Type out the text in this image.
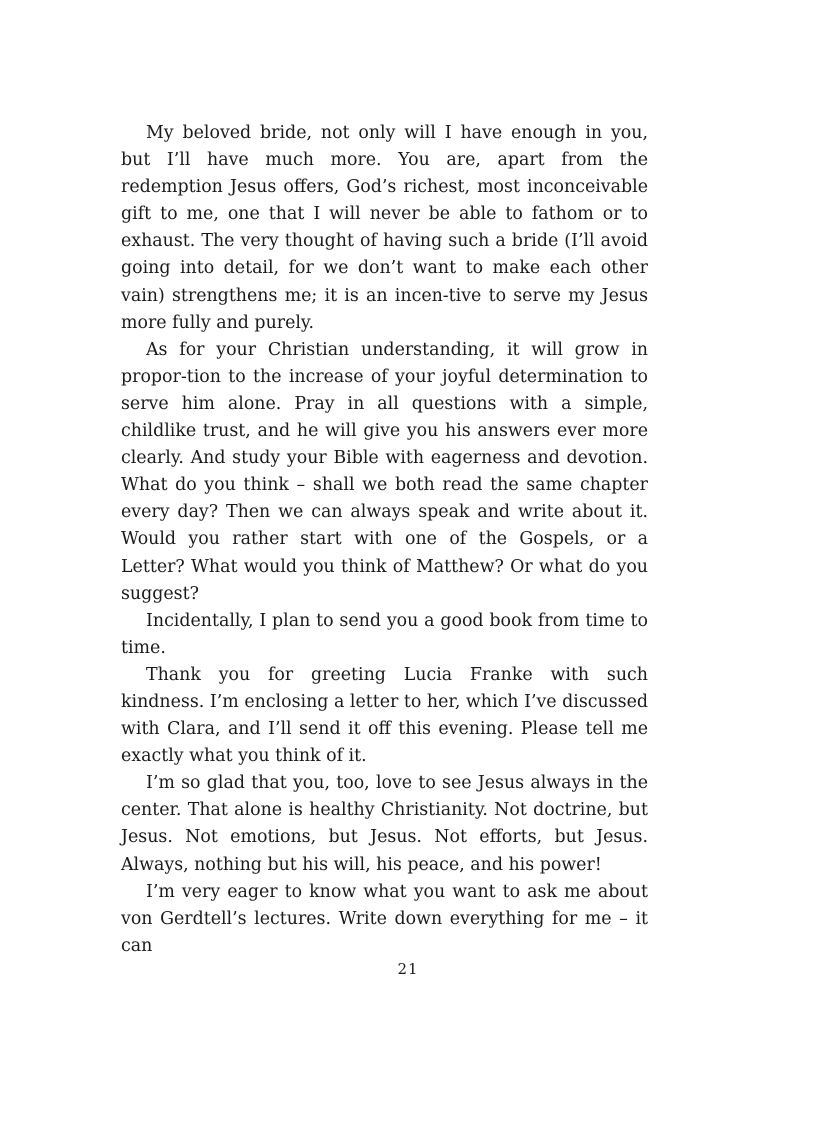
My beloved bride, not only will I have enough in you, but I’ll have much more. You are, apart from the redemption Jesus offers, God’s richest, most inconceivable gift to me, one that I will never be able to fathom or to exhaust. The very thought of having such a bride (I’ll avoid going into detail, for we don’t want to make each other vain) strengthens me; it is an incen-tive to serve my Jesus more fully and purely.

As for your Christian understanding, it will grow in propor-tion to the increase of your joyful determination to serve him alone. Pray in all questions with a simple, childlike trust, and he will give you his answers ever more clearly. And study your Bible with eagerness and devotion. What do you think – shall we both read the same chapter every day? Then we can always speak and write about it. Would you rather start with one of the Gospels, or a Letter? What would you think of Matthew? Or what do you suggest?

Incidentally, I plan to send you a good book from time to time.

Thank you for greeting Lucia Franke with such kindness. I’m enclosing a letter to her, which I’ve discussed with Clara, and I’ll send it off this evening. Please tell me exactly what you think of it.

I’m so glad that you, too, love to see Jesus always in the center. That alone is healthy Christianity. Not doctrine, but Jesus. Not emotions, but Jesus. Not efforts, but Jesus. Always, nothing but his will, his peace, and his power!

I’m very eager to know what you want to ask me about von Gerdtell’s lectures. Write down everything for me – it can

21
